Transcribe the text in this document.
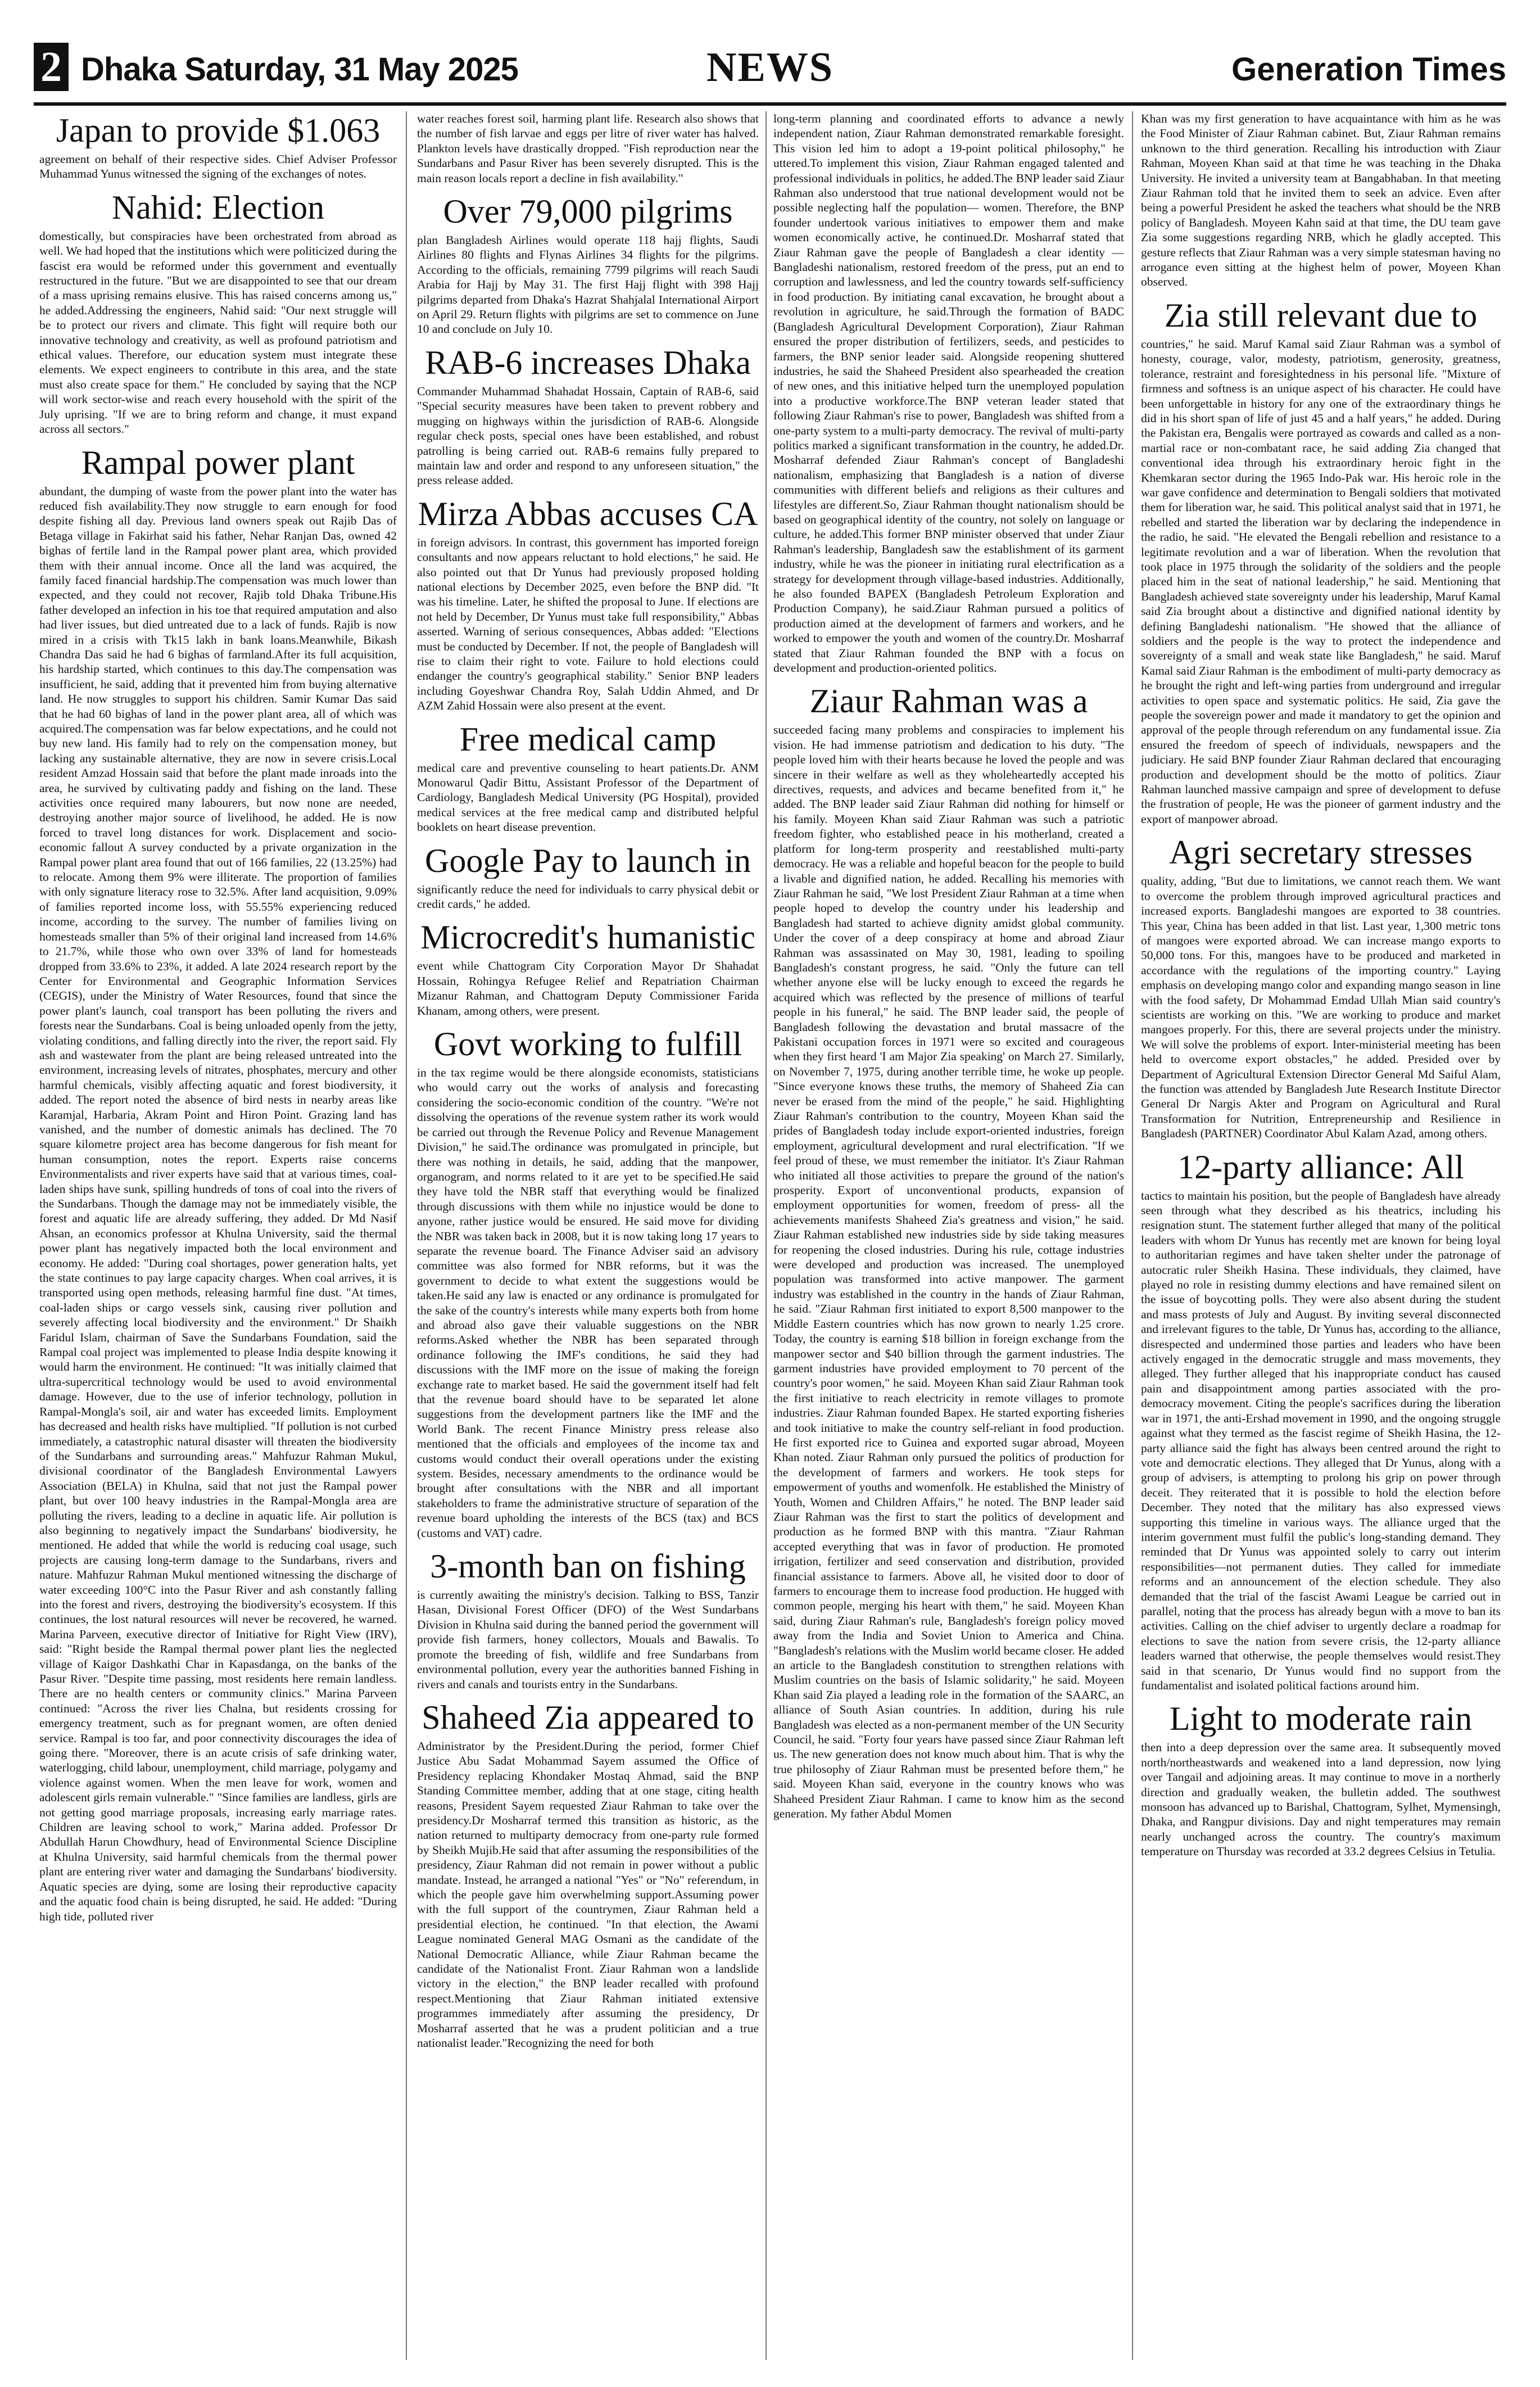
2 Dhaka Saturday, 31 May 2025	NEWS	Generation Times
Japan to provide $1.063

agreement on behalf of their respective sides. Chief Adviser Professor Muhammad Yunus witnessed the signing of the exchanges of notes.

Nahid: Election

domestically, but conspiracies have been orchestrated from abroad as well. We had hoped that the institutions which were politicized during the fascist era would be reformed under this government and eventually restructured in the future. "But we are disappointed to see that our dream of a mass uprising remains elusive. This has raised concerns among us," he added.Addressing the engineers, Nahid said: "Our next struggle will be to protect our rivers and climate. This fight will require both our innovative technology and creativity, as well as profound patriotism and ethical values. Therefore, our education system must integrate these elements. We expect engineers to contribute in this area, and the state must also create space for them." He concluded by saying that the NCP will work sector-wise and reach every household with the spirit of the July uprising. "If we are to bring reform and change, it must expand across all sectors."

Rampal power plant

abundant, the dumping of waste from the power plant into the water has reduced fish availability.They now struggle to earn enough for food despite fishing all day. Previous land owners speak out Rajib Das of Betaga village in Fakirhat said his father, Nehar Ranjan Das, owned 42 bighas of fertile land in the Rampal power plant area, which provided them with their annual income. Once all the land was acquired, the family faced financial hardship.The compensation was much lower than expected, and they could not recover, Rajib told Dhaka Tribune.His father developed an infection in his toe that required amputation and also had liver issues, but died untreated due to a lack of funds. Rajib is now mired in a crisis with Tk15 lakh in bank loans.Meanwhile, Bikash Chandra Das said he had 6 bighas of farmland.After its full acquisition, his hardship started, which continues to this day.The compensation was insufficient, he said, adding that it prevented him from buying alternative land. He now struggles to support his children. Samir Kumar Das said that he had 60 bighas of land in the power plant area, all of which was acquired.The compensation was far below expectations, and he could not buy new land. His family had to rely on the compensation money, but lacking any sustainable alternative, they are now in severe crisis.Local resident Amzad Hossain said that before the plant made inroads into the area, he survived by cultivating paddy and fishing on the land. These activities once required many labourers, but now none are needed, destroying another major source of livelihood, he added. He is now forced to travel long distances for work. Displacement and socio-economic fallout A survey conducted by a private organization in the Rampal power plant area found that out of 166 families, 22 (13.25%) had to relocate. Among them 9% were illiterate. The proportion of families with only signature literacy rose to 32.5%. After land acquisition, 9.09% of families reported income loss, with 55.55% experiencing reduced income, according to the survey. The number of families living on homesteads smaller than 5% of their original land increased from 14.6% to 21.7%, while those who own over 33% of land for homesteads dropped from 33.6% to 23%, it added. A late 2024 research report by the Center for Environmental and Geographic Information Services (CEGIS), under the Ministry of Water Resources, found that since the power plant's launch, coal transport has been polluting the rivers and forests near the Sundarbans. Coal is being unloaded openly from the jetty, violating conditions, and falling directly into the river, the report said. Fly ash and wastewater from the plant are being released untreated into the environment, increasing levels of nitrates, phosphates, mercury and other harmful chemicals, visibly affecting aquatic and forest biodiversity, it added. The report noted the absence of bird nests in nearby areas like Karamjal, Harbaria, Akram Point and Hiron Point. Grazing land has vanished, and the number of domestic animals has declined. The 70 square kilometre project area has become dangerous for fish meant for human consumption, notes the report. Experts raise concerns Environmentalists and river experts have said that at various times, coal-laden ships have sunk, spilling hundreds of tons of coal into the rivers of the Sundarbans. Though the damage may not be immediately visible, the forest and aquatic life are already suffering, they added. Dr Md Nasif Ahsan, an economics professor at Khulna University, said the thermal power plant has negatively impacted both the local environment and economy. He added: "During coal shortages, power generation halts, yet the state continues to pay large capacity charges. When coal arrives, it is transported using open methods, releasing harmful fine dust. "At times, coal-laden ships or cargo vessels sink, causing river pollution and severely affecting local biodiversity and the environment." Dr Shaikh Faridul Islam, chairman of Save the Sundarbans Foundation, said the Rampal coal project was implemented to please India despite knowing it would harm the environment. He continued: "It was initially claimed that ultra-supercritical technology would be used to avoid environmental damage. However, due to the use of inferior technology, pollution in Rampal-Mongla's soil, air and water has exceeded limits. Employment has decreased and health risks have multiplied. "If pollution is not curbed immediately, a catastrophic natural disaster will threaten the biodiversity of the Sundarbans and surrounding areas." Mahfuzur Rahman Mukul, divisional coordinator of the Bangladesh Environmental Lawyers Association (BELA) in Khulna, said that not just the Rampal power plant, but over 100 heavy industries in the Rampal-Mongla area are polluting the rivers, leading to a decline in aquatic life. Air pollution is also beginning to negatively impact the Sundarbans' biodiversity, he mentioned. He added that while the world is reducing coal usage, such projects are causing long-term damage to the Sundarbans, rivers and nature. Mahfuzur Rahman Mukul mentioned witnessing the discharge of water exceeding 100°C into the Pasur River and ash constantly falling into the forest and rivers, destroying the biodiversity's ecosystem. If this continues, the lost natural resources will never be recovered, he warned. Marina Parveen, executive director of Initiative for Right View (IRV), said: "Right beside the Rampal thermal power plant lies the neglected village of Kaigor Dashkathi Char in Kapasdanga, on the banks of the Pasur River. "Despite time passing, most residents here remain landless. There are no health centers or community clinics." Marina Parveen continued: "Across the river lies Chalna, but residents crossing for emergency treatment, such as for pregnant women, are often denied service. Rampal is too far, and poor connectivity discourages the idea of going there. "Moreover, there is an acute crisis of safe drinking water, waterlogging, child labour, unemployment, child marriage, polygamy and violence against women. When the men leave for work, women and adolescent girls remain vulnerable." "Since families are landless, girls are not getting good marriage proposals, increasing early marriage rates. Children are leaving school to work," Marina added. Professor Dr Abdullah Harun Chowdhury, head of Environmental Science Discipline at Khulna University, said harmful chemicals from the thermal power plant are entering river water and damaging the Sundarbans' biodiversity. Aquatic species are dying, some are losing their reproductive capacity and the aquatic food chain is being disrupted, he said. He added: "During high tide, polluted river

water reaches forest soil, harming plant life. Research also shows that the number of fish larvae and eggs per litre of river water has halved. Plankton levels have drastically dropped. "Fish reproduction near the Sundarbans and Pasur River has been severely disrupted. This is the main reason locals report a decline in fish availability."

Over 79,000 pilgrims

plan Bangladesh Airlines would operate 118 hajj flights, Saudi Airlines 80 flights and Flynas Airlines 34 flights for the pilgrims. According to the officials, remaining 7799 pilgrims will reach Saudi Arabia for Hajj by May 31. The first Hajj flight with 398 Hajj pilgrims departed from Dhaka's Hazrat Shahjalal International Airport on April 29. Return flights with pilgrims are set to commence on June 10 and conclude on July 10.

RAB-6 increases Dhaka

Commander Muhammad Shahadat Hossain, Captain of RAB-6, said "Special security measures have been taken to prevent robbery and mugging on highways within the jurisdiction of RAB-6. Alongside regular check posts, special ones have been established, and robust patrolling is being carried out. RAB-6 remains fully prepared to maintain law and order and respond to any unforeseen situation," the press release added.

Mirza Abbas accuses CA

in foreign advisors. In contrast, this government has imported foreign consultants and now appears reluctant to hold elections," he said. He also pointed out that Dr Yunus had previously proposed holding national elections by December 2025, even before the BNP did. "It was his timeline. Later, he shifted the proposal to June. If elections are not held by December, Dr Yunus must take full responsibility," Abbas asserted. Warning of serious consequences, Abbas added: "Elections must be conducted by December. If not, the people of Bangladesh will rise to claim their right to vote. Failure to hold elections could endanger the country's geographical stability." Senior BNP leaders including Goyeshwar Chandra Roy, Salah Uddin Ahmed, and Dr AZM Zahid Hossain were also present at the event.

Free medical camp

medical care and preventive counseling to heart patients.Dr. ANM Monowarul Qadir Bittu, Assistant Professor of the Department of Cardiology, Bangladesh Medical University (PG Hospital), provided medical services at the free medical camp and distributed helpful booklets on heart disease prevention.

Google Pay to launch in

significantly reduce the need for individuals to carry physical debit or credit cards," he added.

Microcredit's humanistic

event while Chattogram City Corporation Mayor Dr Shahadat Hossain, Rohingya Refugee Relief and Repatriation Chairman Mizanur Rahman, and Chattogram Deputy Commissioner Farida Khanam, among others, were present.

Govt working to fulfill

in the tax regime would be there alongside economists, statisticians who would carry out the works of analysis and forecasting considering the socio-economic condition of the country. "We're not dissolving the operations of the revenue system rather its work would be carried out through the Revenue Policy and Revenue Management Division," he said.The ordinance was promulgated in principle, but there was nothing in details, he said, adding that the manpower, organogram, and norms related to it are yet to be specified.He said they have told the NBR staff that everything would be finalized through discussions with them while no injustice would be done to anyone, rather justice would be ensured. He said move for dividing the NBR was taken back in 2008, but it is now taking long 17 years to separate the revenue board. The Finance Adviser said an advisory committee was also formed for NBR reforms, but it was the government to decide to what extent the suggestions would be taken.He said any law is enacted or any ordinance is promulgated for the sake of the country's interests while many experts both from home and abroad also gave their valuable suggestions on the NBR reforms.Asked whether the NBR has been separated through ordinance following the IMF's conditions, he said they had discussions with the IMF more on the issue of making the foreign exchange rate to market based. He said the government itself had felt that the revenue board should have to be separated let alone suggestions from the development partners like the IMF and the World Bank. The recent Finance Ministry press release also mentioned that the officials and employees of the income tax and customs would conduct their overall operations under the existing system. Besides, necessary amendments to the ordinance would be brought after consultations with the NBR and all important stakeholders to frame the administrative structure of separation of the revenue board upholding the interests of the BCS (tax) and BCS (customs and VAT) cadre.

3-month ban on fishing

is currently awaiting the ministry's decision. Talking to BSS, Tanzir Hasan, Divisional Forest Officer (DFO) of the West Sundarbans Division in Khulna said during the banned period the government will provide fish farmers, honey collectors, Mouals and Bawalis. To promote the breeding of fish, wildlife and free Sundarbans from environmental pollution, every year the authorities banned Fishing in rivers and canals and tourists entry in the Sundarbans.

Shaheed Zia appeared to

Administrator by the President.During the period, former Chief Justice Abu Sadat Mohammad Sayem assumed the Office of Presidency replacing Khondaker Mostaq Ahmad, said the BNP Standing Committee member, adding that at one stage, citing health reasons, President Sayem requested Ziaur Rahman to take over the presidency.Dr Mosharraf termed this transition as historic, as the nation returned to multiparty democracy from one-party rule formed by Sheikh Mujib.He said that after assuming the responsibilities of the presidency, Ziaur Rahman did not remain in power without a public mandate. Instead, he arranged a national "Yes" or "No" referendum, in which the people gave him overwhelming support.Assuming power with the full support of the countrymen, Ziaur Rahman held a presidential election, he continued. "In that election, the Awami League nominated General MAG Osmani as the candidate of the National Democratic Alliance, while Ziaur Rahman became the candidate of the Nationalist Front. Ziaur Rahman won a landslide victory in the election," the BNP leader recalled with profound respect.Mentioning that Ziaur Rahman initiated extensive programmes immediately after assuming the presidency, Dr Mosharraf asserted that he was a prudent politician and a true nationalist leader."Recognizing the need for both

long-term planning and coordinated efforts to advance a newly independent nation, Ziaur Rahman demonstrated remarkable foresight. This vision led him to adopt a 19-point political philosophy," he uttered.To implement this vision, Ziaur Rahman engaged talented and professional individuals in politics, he added.The BNP leader said Ziaur Rahman also understood that true national development would not be possible neglecting half the population— women. Therefore, the BNP founder undertook various initiatives to empower them and make women economically active, he continued.Dr. Mosharraf stated that Ziaur Rahman gave the people of Bangladesh a clear identity — Bangladeshi nationalism, restored freedom of the press, put an end to corruption and lawlessness, and led the country towards self-sufficiency in food production. By initiating canal excavation, he brought about a revolution in agriculture, he said.Through the formation of BADC (Bangladesh Agricultural Development Corporation), Ziaur Rahman ensured the proper distribution of fertilizers, seeds, and pesticides to farmers, the BNP senior leader said. Alongside reopening shuttered industries, he said the Shaheed President also spearheaded the creation of new ones, and this initiative helped turn the unemployed population into a productive workforce.The BNP veteran leader stated that following Ziaur Rahman's rise to power, Bangladesh was shifted from a one-party system to a multi-party democracy. The revival of multi-party politics marked a significant transformation in the country, he added.Dr. Mosharraf defended Ziaur Rahman's concept of Bangladeshi nationalism, emphasizing that Bangladesh is a nation of diverse communities with different beliefs and religions as their cultures and lifestyles are different.So, Ziaur Rahman thought nationalism should be based on geographical identity of the country, not solely on language or culture, he added.This former BNP minister observed that under Ziaur Rahman's leadership, Bangladesh saw the establishment of its garment industry, while he was the pioneer in initiating rural electrification as a strategy for development through village-based industries. Additionally, he also founded BAPEX (Bangladesh Petroleum Exploration and Production Company), he said.Ziaur Rahman pursued a politics of production aimed at the development of farmers and workers, and he worked to empower the youth and women of the country.Dr. Mosharraf stated that Ziaur Rahman founded the BNP with a focus on development and production-oriented politics.

Ziaur Rahman was a

succeeded facing many problems and conspiracies to implement his vision. He had immense patriotism and dedication to his duty. "The people loved him with their hearts because he loved the people and was sincere in their welfare as well as they wholeheartedly accepted his directives, requests, and advices and became benefited from it," he added. The BNP leader said Ziaur Rahman did nothing for himself or his family. Moyeen Khan said Ziaur Rahman was such a patriotic freedom fighter, who established peace in his motherland, created a platform for long-term prosperity and reestablished multi-party democracy. He was a reliable and hopeful beacon for the people to build a livable and dignified nation, he added. Recalling his memories with Ziaur Rahman he said, "We lost President Ziaur Rahman at a time when people hoped to develop the country under his leadership and Bangladesh had started to achieve dignity amidst global community. Under the cover of a deep conspiracy at home and abroad Ziaur Rahman was assassinated on May 30, 1981, leading to spoiling Bangladesh's constant progress, he said. "Only the future can tell whether anyone else will be lucky enough to exceed the regards he acquired which was reflected by the presence of millions of tearful people in his funeral," he said. The BNP leader said, the people of Bangladesh following the devastation and brutal massacre of the Pakistani occupation forces in 1971 were so excited and courageous when they first heard 'I am Major Zia speaking' on March 27. Similarly, on November 7, 1975, during another terrible time, he woke up people. "Since everyone knows these truths, the memory of Shaheed Zia can never be erased from the mind of the people," he said. Highlighting Ziaur Rahman's contribution to the country, Moyeen Khan said the prides of Bangladesh today include export-oriented industries, foreign employment, agricultural development and rural electrification. "If we feel proud of these, we must remember the initiator. It's Ziaur Rahman who initiated all those activities to prepare the ground of the nation's prosperity. Export of unconventional products, expansion of employment opportunities for women, freedom of press- all the achievements manifests Shaheed Zia's greatness and vision," he said. Ziaur Rahman established new industries side by side taking measures for reopening the closed industries. During his rule, cottage industries were developed and production was increased. The unemployed population was transformed into active manpower. The garment industry was established in the country in the hands of Ziaur Rahman, he said. "Ziaur Rahman first initiated to export 8,500 manpower to the Middle Eastern countries which has now grown to nearly 1.25 crore. Today, the country is earning $18 billion in foreign exchange from the manpower sector and $40 billion through the garment industries. The garment industries have provided employment to 70 percent of the country's poor women," he said. Moyeen Khan said Ziaur Rahman took the first initiative to reach electricity in remote villages to promote industries. Ziaur Rahman founded Bapex. He started exporting fisheries and took initiative to make the country self-reliant in food production. He first exported rice to Guinea and exported sugar abroad, Moyeen Khan noted. Ziaur Rahman only pursued the politics of production for the development of farmers and workers. He took steps for empowerment of youths and womenfolk. He established the Ministry of Youth, Women and Children Affairs," he noted. The BNP leader said Ziaur Rahman was the first to start the politics of development and production as he formed BNP with this mantra. "Ziaur Rahman accepted everything that was in favor of production. He promoted irrigation, fertilizer and seed conservation and distribution, provided financial assistance to farmers. Above all, he visited door to door of farmers to encourage them to increase food production. He hugged with common people, merging his heart with them," he said. Moyeen Khan said, during Ziaur Rahman's rule, Bangladesh's foreign policy moved away from the India and Soviet Union to America and China. "Bangladesh's relations with the Muslim world became closer. He added an article to the Bangladesh constitution to strengthen relations with Muslim countries on the basis of Islamic solidarity," he said. Moyeen Khan said Zia played a leading role in the formation of the SAARC, an alliance of South Asian countries. In addition, during his rule Bangladesh was elected as a non-permanent member of the UN Security Council, he said. "Forty four years have passed since Ziaur Rahman left us. The new generation does not know much about him. That is why the true philosophy of Ziaur Rahman must be presented before them," he said. Moyeen Khan said, everyone in the country knows who was Shaheed President Ziaur Rahman. I came to know him as the second generation. My father Abdul Momen

Khan was my first generation to have acquaintance with him as he was the Food Minister of Ziaur Rahman cabinet. But, Ziaur Rahman remains unknown to the third generation. Recalling his introduction with Ziaur Rahman, Moyeen Khan said at that time he was teaching in the Dhaka University. He invited a university team at Bangabhaban. In that meeting Ziaur Rahman told that he invited them to seek an advice. Even after being a powerful President he asked the teachers what should be the NRB policy of Bangladesh. Moyeen Kahn said at that time, the DU team gave Zia some suggestions regarding NRB, which he gladly accepted. This gesture reflects that Ziaur Rahman was a very simple statesman having no arrogance even sitting at the highest helm of power, Moyeen Khan observed.

Zia still relevant due to

countries," he said. Maruf Kamal said Ziaur Rahman was a symbol of honesty, courage, valor, modesty, patriotism, generosity, greatness, tolerance, restraint and foresightedness in his personal life. "Mixture of firmness and softness is an unique aspect of his character. He could have been unforgettable in history for any one of the extraordinary things he did in his short span of life of just 45 and a half years," he added. During the Pakistan era, Bengalis were portrayed as cowards and called as a non-martial race or non-combatant race, he said adding Zia changed that conventional idea through his extraordinary heroic fight in the Khemkaran sector during the 1965 Indo-Pak war. His heroic role in the war gave confidence and determination to Bengali soldiers that motivated them for liberation war, he said. This political analyst said that in 1971, he rebelled and started the liberation war by declaring the independence in the radio, he said. "He elevated the Bengali rebellion and resistance to a legitimate revolution and a war of liberation. When the revolution that took place in 1975 through the solidarity of the soldiers and the people placed him in the seat of national leadership," he said. Mentioning that Bangladesh achieved state sovereignty under his leadership, Maruf Kamal said Zia brought about a distinctive and dignified national identity by defining Bangladeshi nationalism. "He showed that the alliance of soldiers and the people is the way to protect the independence and sovereignty of a small and weak state like Bangladesh," he said. Maruf Kamal said Ziaur Rahman is the embodiment of multi-party democracy as he brought the right and left-wing parties from underground and irregular activities to open space and systematic politics. He said, Zia gave the people the sovereign power and made it mandatory to get the opinion and approval of the people through referendum on any fundamental issue. Zia ensured the freedom of speech of individuals, newspapers and the judiciary. He said BNP founder Ziaur Rahman declared that encouraging production and development should be the motto of politics. Ziaur Rahman launched massive campaign and spree of development to defuse the frustration of people, He was the pioneer of garment industry and the export of manpower abroad.

Agri secretary stresses

quality, adding, "But due to limitations, we cannot reach them. We want to overcome the problem through improved agricultural practices and increased exports. Bangladeshi mangoes are exported to 38 countries. This year, China has been added in that list. Last year, 1,300 metric tons of mangoes were exported abroad. We can increase mango exports to 50,000 tons. For this, mangoes have to be produced and marketed in accordance with the regulations of the importing country." Laying emphasis on developing mango color and expanding mango season in line with the food safety, Dr Mohammad Emdad Ullah Mian said country's scientists are working on this. "We are working to produce and market mangoes properly. For this, there are several projects under the ministry. We will solve the problems of export. Inter-ministerial meeting has been held to overcome export obstacles," he added. Presided over by Department of Agricultural Extension Director General Md Saiful Alam, the function was attended by Bangladesh Jute Research Institute Director General Dr Nargis Akter and Program on Agricultural and Rural Transformation for Nutrition, Entrepreneurship and Resilience in Bangladesh (PARTNER) Coordinator Abul Kalam Azad, among others.

12-party alliance: All

tactics to maintain his position, but the people of Bangladesh have already seen through what they described as his theatrics, including his resignation stunt. The statement further alleged that many of the political leaders with whom Dr Yunus has recently met are known for being loyal to authoritarian regimes and have taken shelter under the patronage of autocratic ruler Sheikh Hasina. These individuals, they claimed, have played no role in resisting dummy elections and have remained silent on the issue of boycotting polls. They were also absent during the student and mass protests of July and August. By inviting several disconnected and irrelevant figures to the table, Dr Yunus has, according to the alliance, disrespected and undermined those parties and leaders who have been actively engaged in the democratic struggle and mass movements, they alleged. They further alleged that his inappropriate conduct has caused pain and disappointment among parties associated with the pro-democracy movement. Citing the people's sacrifices during the liberation war in 1971, the anti-Ershad movement in 1990, and the ongoing struggle against what they termed as the fascist regime of Sheikh Hasina, the 12-party alliance said the fight has always been centred around the right to vote and democratic elections. They alleged that Dr Yunus, along with a group of advisers, is attempting to prolong his grip on power through deceit. They reiterated that it is possible to hold the election before December. They noted that the military has also expressed views supporting this timeline in various ways. The alliance urged that the interim government must fulfil the public's long-standing demand. They reminded that Dr Yunus was appointed solely to carry out interim responsibilities—not permanent duties. They called for immediate reforms and an announcement of the election schedule. They also demanded that the trial of the fascist Awami League be carried out in parallel, noting that the process has already begun with a move to ban its activities. Calling on the chief adviser to urgently declare a roadmap for elections to save the nation from severe crisis, the 12-party alliance leaders warned that otherwise, the people themselves would resist.They said in that scenario, Dr Yunus would find no support from the fundamentalist and isolated political factions around him.

Light to moderate rain

then into a deep depression over the same area. It subsequently moved north/northeastwards and weakened into a land depression, now lying over Tangail and adjoining areas. It may continue to move in a northerly direction and gradually weaken, the bulletin added. The southwest monsoon has advanced up to Barishal, Chattogram, Sylhet, Mymensingh, Dhaka, and Rangpur divisions. Day and night temperatures may remain nearly unchanged across the country. The country's maximum temperature on Thursday was recorded at 33.2 degrees Celsius in Tetulia.
